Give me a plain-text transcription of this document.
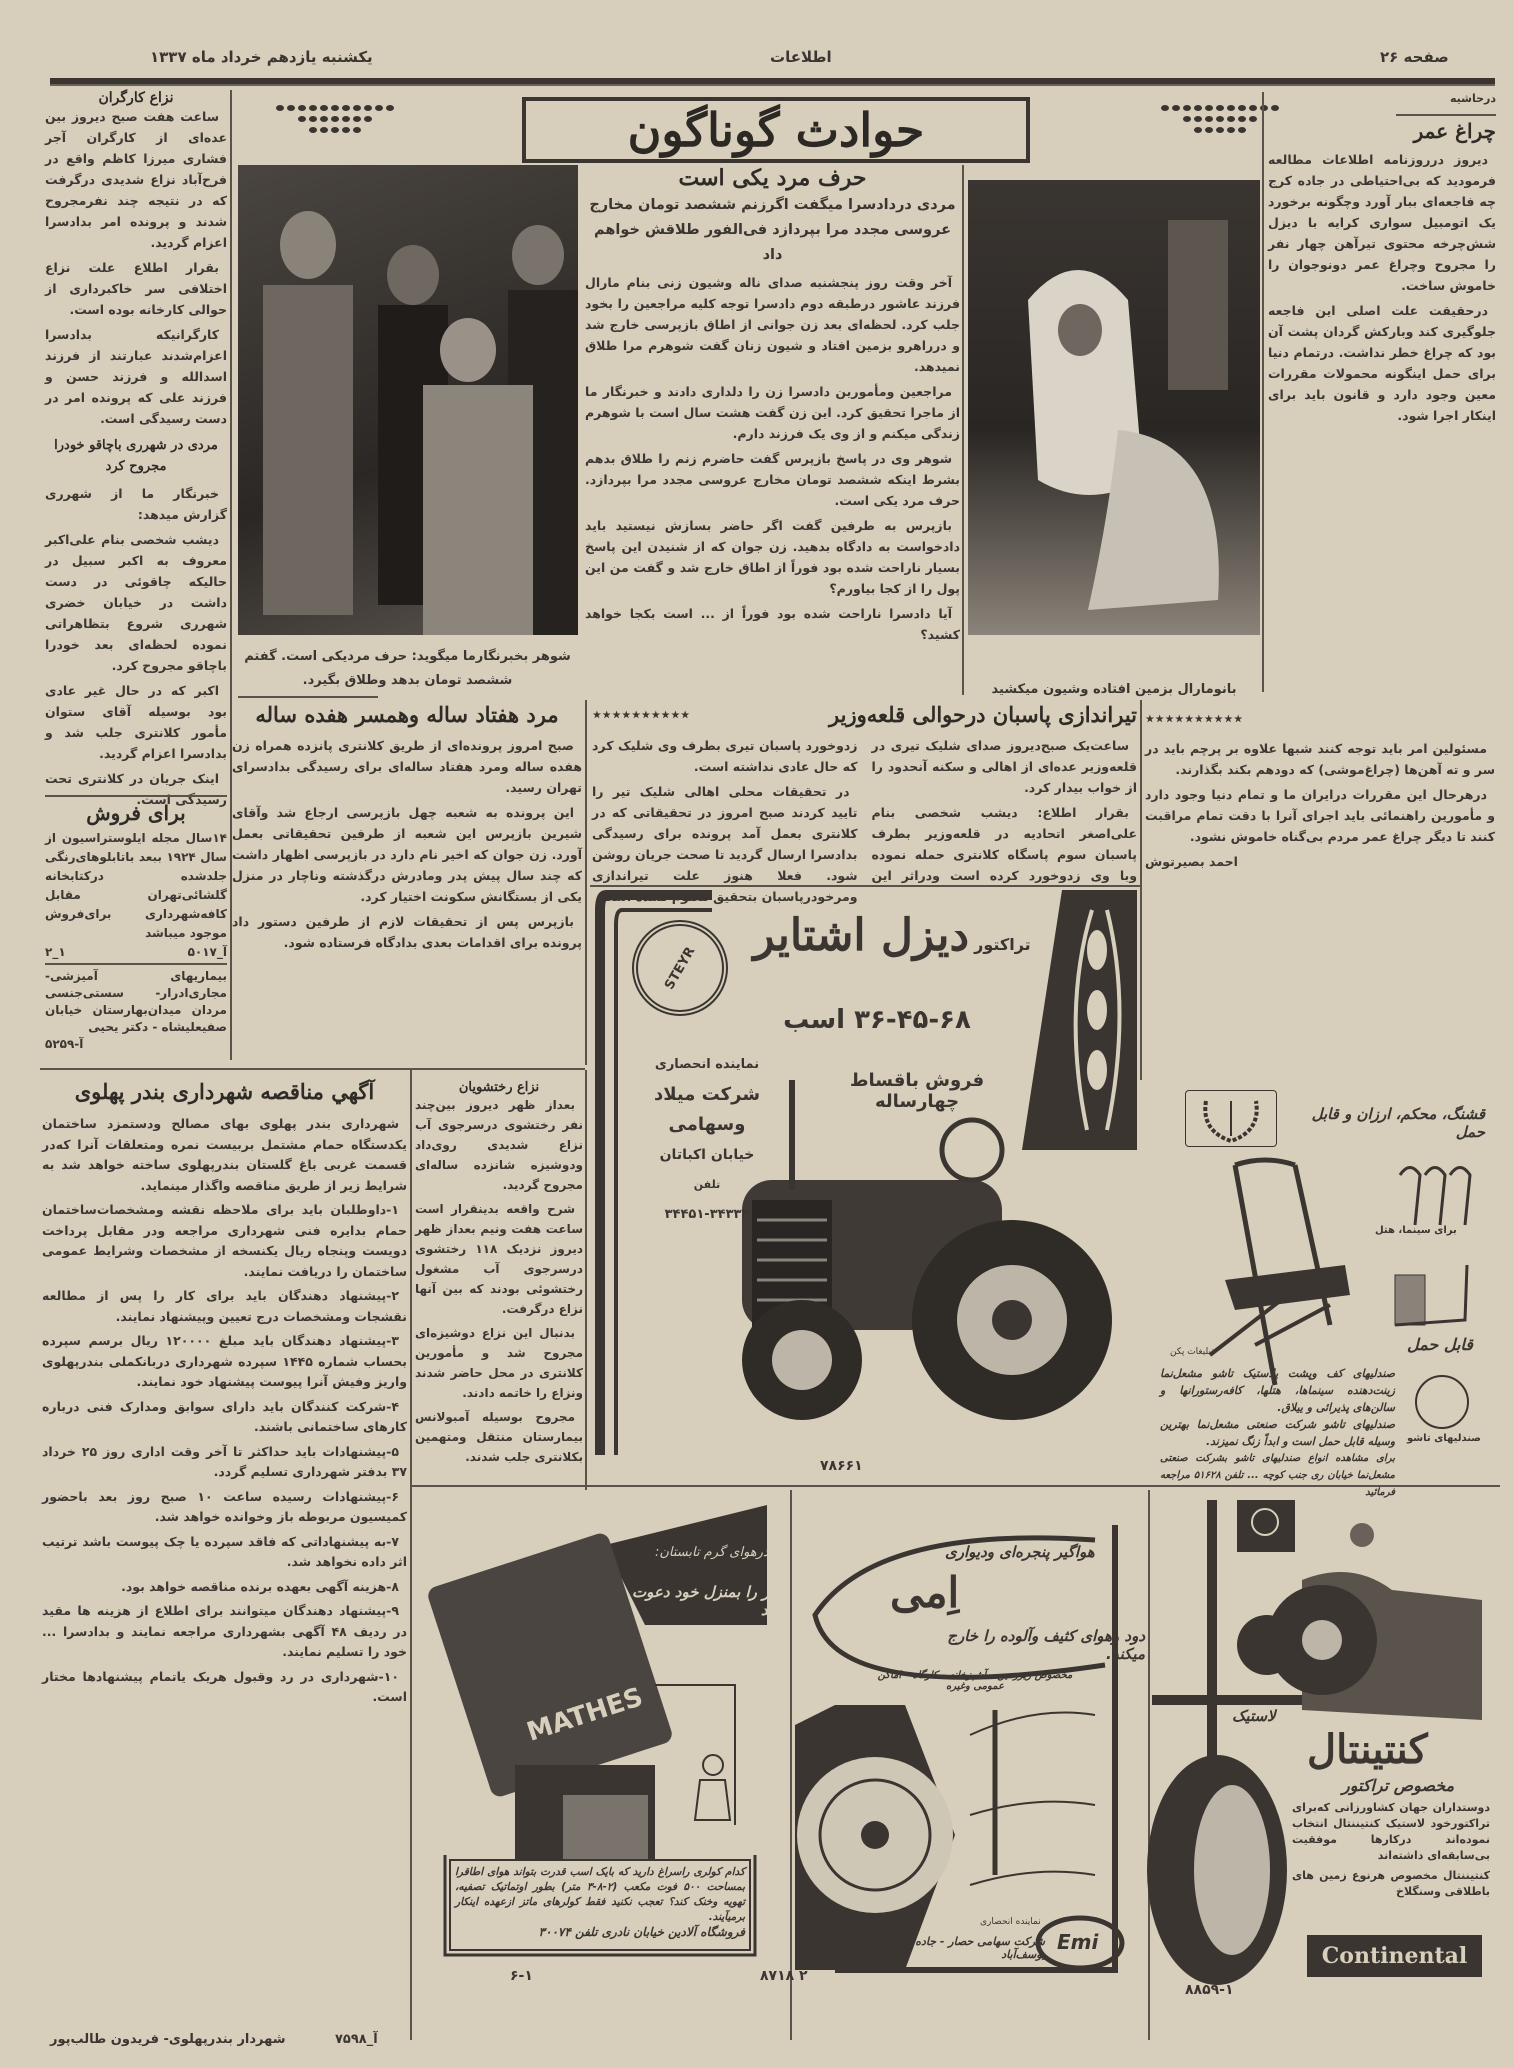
یکشنبه یازدهم خرداد ماه ۱۳۳۷	اطلاعات	صفحه ۲۶
حوادث گوناگون
درحاشیه
چراغ عمر

دیروز درروزنامه اطلاعات مطالعه فرمودید که بی‌احتیاطی در جاده کرج چه فاجعه‌ای ببار آورد وچگونه برخورد یک اتومبیل سواری کرایه با دیزل شش‌چرخه محتوی تیرآهن چهار نفر را مجروح وچراغ عمر دونوجوان را خاموش ساخت.

درحقیقت علت اصلی این فاجعه جلوگیری کند وبارکش گردان پشت آن بود که چراغ خطر نداشت. درتمام دنیا برای حمل اینگونه محمولات مقررات معین وجود دارد و قانون باید برای اینکار اجرا شود.

مسئولین امر باید توجه کنند شبها علاوه بر پرچم باید در سر و ته آهن‌ها (چراغ‌موشی) که دودهم بکند بگذارند.

درهرحال این مقررات درایران ما و تمام دنیا وجود دارد و مأمورین راهنمائی باید اجرای آنرا با دقت تمام مراقبت کنند تا دیگر چراغ عمر مردم بی‌گناه خاموش نشود.

احمد بصیرتوش
شوهر بخبرنگارما میگوید: حرف مردیکی است. گفتم ششصد تومان بدهد وطلاق بگیرد.
بانومارال بزمین افتاده وشیون میکشید
حرف مرد یکی است
مردی دردادسرا میگفت اگرزنم ششصد تومان مخارج عروسی مجدد مرا بپردازد فی‌الفور طلاقش خواهم داد

آخر وقت روز پنجشنبه صدای ناله وشیون زنی بنام مارال فرزند عاشور درطبقه دوم دادسرا توجه کلیه مراجعین را بخود جلب کرد. لحظه‌ای بعد زن جوانی از اطاق بازپرسی خارج شد و درراهرو بزمین افتاد و شیون زنان گفت شوهرم مرا طلاق نمیدهد.

مراجعین ومأمورین دادسرا زن را دلداری دادند و خبرنگار ما از ماجرا تحقیق کرد. این زن گفت هشت سال است با شوهرم زندگی میکنم و از وی یک فرزند دارم.

شوهر وی در پاسخ بازپرس گفت حاضرم زنم را طلاق بدهم بشرط اینکه ششصد تومان مخارج عروسی مجدد مرا بپردازد. حرف مرد یکی است.

بازپرس به طرفین گفت اگر حاضر بسازش نیستید باید دادخواست به دادگاه بدهید. زن جوان که از شنیدن این پاسخ بسیار ناراحت شده بود فوراً از اطاق خارج شد و گفت من این پول را از کجا بیاورم؟

آیا دادسرا ناراحت شده بود فوراً از ... است بکجا خواهد کشید؟

نزاع کارگران

ساعت هفت صبح دیروز بین عده‌ای از کارگران آجر فشاری میرزا کاظم واقع در فرح‌آباد نزاع شدیدی درگرفت که در نتیجه چند نفرمجروح شدند و پرونده امر بدادسرا اعزام گردید.

بقرار اطلاع علت نزاع اختلافی سر خاکبرداری از حوالی کارخانه بوده است.

کارگرانیکه بدادسرا اعزام‌شدند عبارتند از فرزند اسدالله و فرزند حسن و فرزند علی که پرونده امر در دست رسیدگی است.

مردی در شهرری باچاقو خودرا مجروح کرد

خبرنگار ما از شهرری گزارش میدهد:

دیشب شخصی بنام علی‌اکبر معروف به اکبر سبیل در حالیکه چاقوئی در دست داشت در خیابان خضری شهرری شروع بتظاهراتی نموده لحظه‌ای بعد خودرا باچاقو مجروح کرد.

اکبر که در حال غیر عادی بود بوسیله آقای ستوان مأمور کلانتری جلب شد و بدادسرا اعزام گردید.

اینک جریان در کلانتری تحت رسیدگی است.

برای فروش
۱۴سال مجله ایلوستراسیون از سال ۱۹۲۴ ببعد باتابلوهای‌رنگی جلدشده درکتابخانه گلشائی‌تهران مقابل کافه‌شهرداری برای‌فروش موجود میباشد
آ_۵۰۱۷
۱_۲
بیماریهای آمیزشی-مجاری‌ادرار- سستی‌جنسی مردان میدان‌بهارستان خیابان صفیعلیشاه - دکتر یحیی
آ-۵۲۵۹
مرد هفتاد ساله وهمسر هفده ساله

صبح امروز پرونده‌ای از طریق کلانتری پانزده همراه زن هفده ساله ومرد هفتاد ساله‌ای برای رسیدگی بدادسرای تهران رسید.

این پرونده به شعبه چهل بازپرسی ارجاع شد وآقای شیرین بازپرس این شعبه از طرفین تحقیقاتی بعمل آورد. زن جوان که اخیر نام دارد در بازپرسی اظهار داشت که چند سال پیش پدر ومادرش درگذشته ونا‌چار در منزل یکی از بستگانش سکونت اختیار کرد.

بازپرس پس از تحقیقات لازم از طرفین دستور داد پرونده برای اقدامات بعدی بدادگاه فرستاده شود.

٭٭٭٭٭٭٭٭٭٭	تیراندازی پاسبان درحوالی قلعه‌وزیر

ساعت‌یک صبح‌دیروز صدای شلیک تیری در قلعه‌وزیر عده‌ای از اهالی و سکنه آنحدود را از خواب بیدار کرد.

بقرار اطلاع: دیشب شخصی بنام علی‌اصغر اتحادیه در قلعه‌وزیر بطرف پاسبان سوم پاسگاه کلانتری حمله نموده وبا وی زدوخورد کرده است ودراثر این زدوخورد پاسبان تیری بطرف وی شلیک کرد که حال عادی نداشته است.

در تحقیقات محلی اهالی شلیک تیر را تایید کردند صبح امروز در تحقیقاتی که در کلانتری بعمل آمد پرونده برای رسیدگی بدادسرا ارسال گردید تا صحت جریان روشن شود. فعلا هنوز علت تیراندازی ومرخودرپاسبان بتحقیق معلوم نشده است.

٭٭٭٭٭٭٭٭٭٭
STEYR	تراکتور دیزل اشتایر
۳۶-۴۵-۶۸ اسب
فروش باقساط چهارساله
نماینده انحصاری
شرکت میلاد وسهامی
خیابان اکباتان
تلفن
۳۴۴۵۱-۳۴۳۳۳
۷۸۶۶۱
قشنگ، محکم، ارزان و قابل حمل
برای سینما، هتل
قابل حمل
تبلیغات پکن
صندلیهای تاشو
صندلیهای کف وپشت پلاستیک تاشو مشعل‌نما زینت‌دهنده سینماها، هتلها، کافه‌رستورانها و سالن‌های پذیرائی و ییلاق.
صندلیهای تاشو شرکت صنعتی مشعل‌نما بهترین وسیله قابل حمل است و ابداً زنگ نمیزند.
برای مشاهده انواع صندلیهای تاشو بشرکت صنعتی مشعل‌نما خیابان ری جنب کوچه ... تلفن ۵۱۶۲۸ مراجعه فرمائید
آگهي مناقصه شهرداری بندر پهلوی

شهرداری بندر پهلوی بهای مصالح ودستمزد ساختمان یکدستگاه حمام مشتمل بربیست نمره ومتعلقات آنرا که‌در قسمت غربی باغ گلستان بندرپهلوی ساخته خواهد شد به شرایط زیر از طریق مناقصه واگذار مینماید.

۱-داوطلبان باید برای ملاحظه نقشه ومشخصات‌ساختمان حمام بدایره فنی شهرداری مراجعه ودر مقابل پرداخت دویست وپنجاه ریال یکنسخه از مشخصات وشرایط عمومی ساختمان را دریافت نمایند.

۲-پیشنهاد دهندگان باید برای کار را پس از مطالعه نقشجات ومشخصات درج تعیین وپیشنهاد نمایند.

۳-پیشنهاد دهندگان باید مبلغ ۱۲۰۰۰۰ ریال برسم سپرده بحساب شماره ۱۴۴۵ سپرده شهرداری دربانکملی بندرپهلوی واریز وفیش آنرا پیوست پیشنهاد خود نمایند.

۴-شرکت کنندگان باید دارای سوابق ومدارک فنی درباره کارهای ساختمانی باشند.

۵-پیشنهادات باید حداکثر تا آخر وقت اداری روز ۲۵ خرداد ۳۷ بدفتر شهرداری تسلیم گردد.

۶-پیشنهادات رسیده ساعت ۱۰ صبح روز بعد باحضور کمیسیون مربوطه باز وخوانده خواهد شد.

۷-به پیشنهاداتی که فاقد سپرده یا چک پیوست باشد ترتیب اثر داده نخواهد شد.

۸-هزینه آگهی بعهده برنده مناقصه خواهد بود.

۹-پیشنهاد دهندگان میتوانند برای اطلاع از هزینه ها مقید در ردیف ۴۸ آگهی بشهرداری مراجعه نمایند و بدادسرا ... خود را تسلیم نمایند.

۱۰-شهرداری در رد وقبول هریک یاتمام پیشنهادها مختار است.

شهردار بندرپهلوی- فریدون طالب‌پور	آ_۷۵۹۸
نزاع رختشویان

بعداز ظهر دیروز بین‌چند نفر رختشوی درسرجوی آب نزاع شدیدی روی‌داد ودوشیزه شانزده ساله‌ای مجروح گردید.

شرح واقعه بدینقرار است ساعت هفت ونیم بعداز ظهر دیروز نزدیک ۱۱۸ رختشوی درسرجوی آب مشغول رختشوئی بودند که بین آنها نزاع درگرفت.

بدنبال این نزاع دوشیزه‌ای مجروح شد و مأمورین کلانتری در محل حاضر شدند ونزاع را خاتمه دادند.

مجروح بوسیله آمبولانس بیمارستان منتقل ومتهمین بکلانتری جلب شدند.

درهوای گرم تابستان:
بهار را بمنزل خود دعوت کنید
MATHES
کدام کولری راسراغ دارید که بایک اسب قدرت بتواند هوای اطاقرا بمساحت ۵۰۰ فوت مکعب (۲-۸-۳ متر) بطور اوتماتیک تصفیه، تهویه وخنک کند؟ تعجب نکنید فقط کولرهای ماتز ازعهده اینکار برمیآیند.
فروشگاه آلادین خیابان نادری تلفن ۳۰۰۷۴
۶-۱
هواگیر پنجره‌ای ودیواری
اِمی
دود وهوای کثیف وآلوده را خارج میکند.
مخصوص زیرزمین - آشپزخانه - کارگاه - اماکن عمومی وغیره
نماینده انحصاری
شرکت سهامی حصار - جاده یوسف‌آباد
Emi
۸۷۱۸ ۲
لاستیک
کنتینتال
مخصوص تراکتور
دوستداران جهان کشاورزانی که‌برای تراکتورخود لاستیک کنتیننتال انتخاب نموده‌اند درکارها موفقیت بی‌سابقه‌ای داشته‌اند
کنتیننتال مخصوص هرنوع زمین های باطلاقی وسنگلاخ
Continental
۸۸۵۹-۱
